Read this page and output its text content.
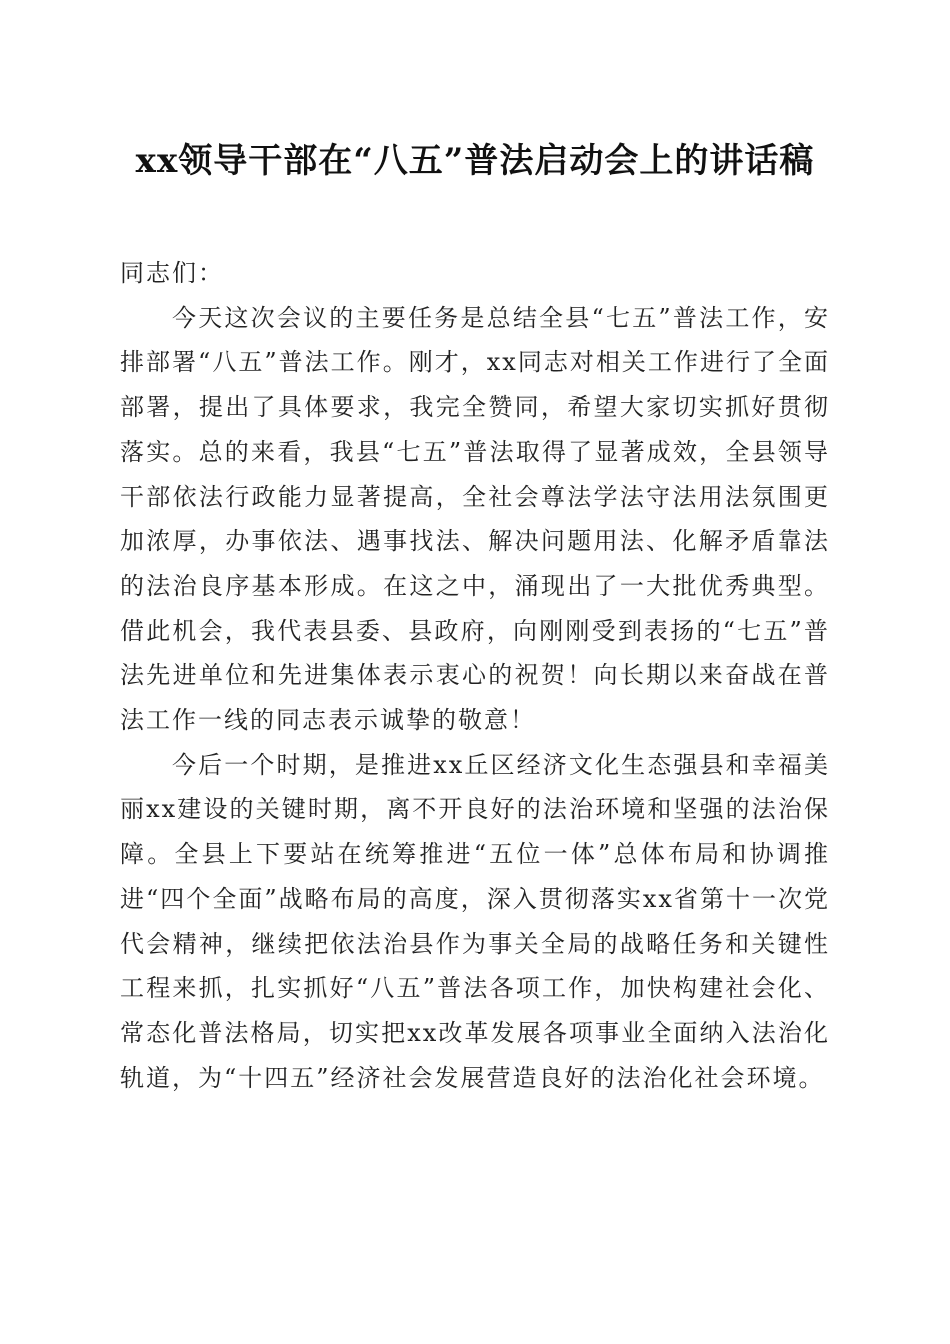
xx领导干部在“八五”普法启动会上的讲话稿

同志们：

今天这次会议的主要任务是总结全县“七五”普法工作，安排部署“八五”普法工作。刚才，xx同志对相关工作进行了全面部署，提出了具体要求，我完全赞同，希望大家切实抓好贯彻落实。总的来看，我县“七五”普法取得了显著成效，全县领导干部依法行政能力显著提高，全社会尊法学法守法用法氛围更加浓厚，办事依法、遇事找法、解决问题用法、化解矛盾靠法的法治良序基本形成。在这之中，涌现出了一大批优秀典型。借此机会，我代表县委、县政府，向刚刚受到表扬的“七五”普法先进单位和先进集体表示衷心的祝贺！向长期以来奋战在普法工作一线的同志表示诚挚的敬意！

今后一个时期，是推进xx丘区经济文化生态强县和幸福美丽xx建设的关键时期，离不开良好的法治环境和坚强的法治保障。全县上下要站在统筹推进“五位一体”总体布局和协调推进“四个全面”战略布局的高度，深入贯彻落实xx省第十一次党代会精神，继续把依法治县作为事关全局的战略任务和关键性工程来抓，扎实抓好“八五”普法各项工作，加快构建社会化、常态化普法格局，切实把xx改革发展各项事业全面纳入法治化轨道，为“十四五”经济社会发展营造良好的法治化社会环境。
